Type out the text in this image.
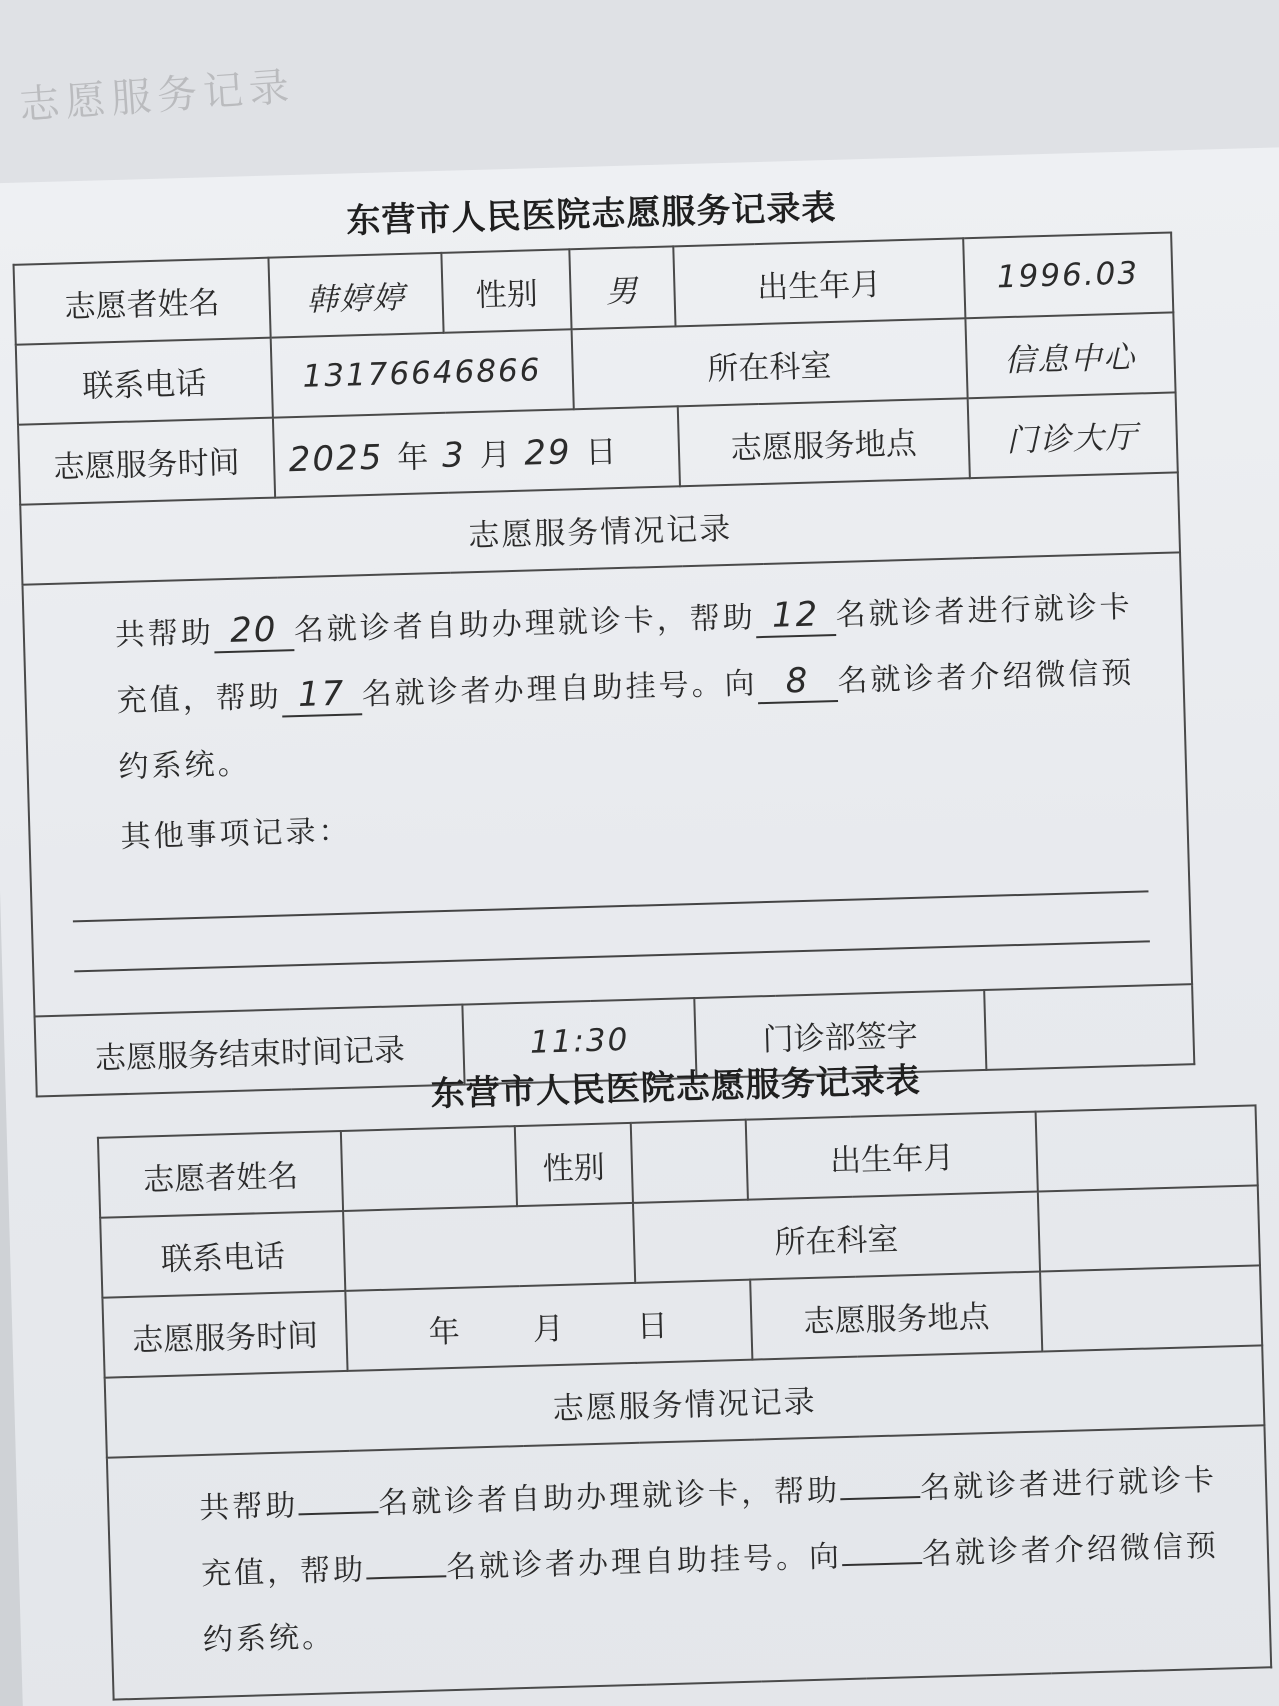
志愿服务记录
东营市人民医院志愿服务记录表
志愿者姓名	韩婷婷	性别	男	出生年月	1996.03
联系电话	13176646866		所在科室		信息中心
志愿服务时间	2025 年 3 月 29 日			志愿服务地点	门诊大厅
志愿服务情况记录					

共帮助 20 名就诊者自助办理就诊卡，帮助 12 名就诊者进行就诊卡充值，帮助 17 名就诊者办理自助挂号。向 8 名就诊者介绍微信预约系统。

其他事项记录：					

志愿服务结束时间记录		11:30		门诊部签字	
东营市人民医院志愿服务记录表
志愿者姓名		性别		出生年月	
联系电话			所在科室		
志愿服务时间	年 月 日			志愿服务地点	
志愿服务情况记录					

共帮助 名就诊者自助办理就诊卡，帮助 名就诊者进行就诊卡充值，帮助 名就诊者办理自助挂号。向 名就诊者介绍微信预约系统。					
